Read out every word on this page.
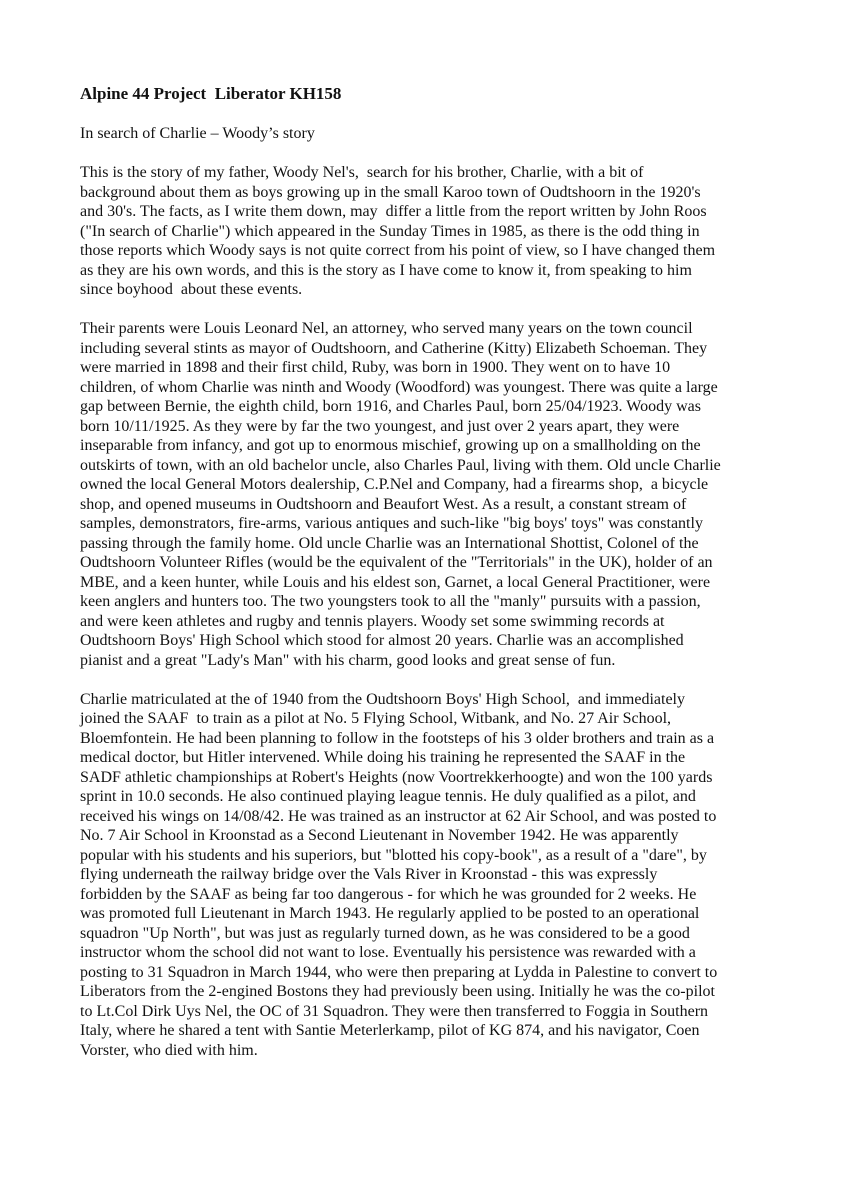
Alpine 44 Project  Liberator KH158

In search of Charlie – Woody’s story

This is the story of my father, Woody Nel's,  search for his brother, Charlie, with a bit of
background about them as boys growing up in the small Karoo town of Oudtshoorn in the 1920's
and 30's. The facts, as I write them down, may  differ a little from the report written by John Roos
("In search of Charlie") which appeared in the Sunday Times in 1985, as there is the odd thing in
those reports which Woody says is not quite correct from his point of view, so I have changed them
as they are his own words, and this is the story as I have come to know it, from speaking to him
since boyhood  about these events.
Their parents were Louis Leonard Nel, an attorney, who served many years on the town council
including several stints as mayor of Oudtshoorn, and Catherine (Kitty) Elizabeth Schoeman. They
were married in 1898 and their first child, Ruby, was born in 1900. They went on to have 10
children, of whom Charlie was ninth and Woody (Woodford) was youngest. There was quite a large
gap between Bernie, the eighth child, born 1916, and Charles Paul, born 25/04/1923. Woody was
born 10/11/1925. As they were by far the two youngest, and just over 2 years apart, they were
inseparable from infancy, and got up to enormous mischief, growing up on a smallholding on the
outskirts of town, with an old bachelor uncle, also Charles Paul, living with them. Old uncle Charlie
owned the local General Motors dealership, C.P.Nel and Company, had a firearms shop,  a bicycle
shop, and opened museums in Oudtshoorn and Beaufort West. As a result, a constant stream of
samples, demonstrators, fire-arms, various antiques and such-like "big boys' toys" was constantly
passing through the family home. Old uncle Charlie was an International Shottist, Colonel of the
Oudtshoorn Volunteer Rifles (would be the equivalent of the "Territorials" in the UK), holder of an
MBE, and a keen hunter, while Louis and his eldest son, Garnet, a local General Practitioner, were
keen anglers and hunters too. The two youngsters took to all the "manly" pursuits with a passion,
and were keen athletes and rugby and tennis players. Woody set some swimming records at
Oudtshoorn Boys' High School which stood for almost 20 years. Charlie was an accomplished
pianist and a great "Lady's Man" with his charm, good looks and great sense of fun.
Charlie matriculated at the of 1940 from the Oudtshoorn Boys' High School,  and immediately
joined the SAAF  to train as a pilot at No. 5 Flying School, Witbank, and No. 27 Air School,
Bloemfontein. He had been planning to follow in the footsteps of his 3 older brothers and train as a
medical doctor, but Hitler intervened. While doing his training he represented the SAAF in the
SADF athletic championships at Robert's Heights (now Voortrekkerhoogte) and won the 100 yards
sprint in 10.0 seconds. He also continued playing league tennis. He duly qualified as a pilot, and
received his wings on 14/08/42. He was trained as an instructor at 62 Air School, and was posted to
No. 7 Air School in Kroonstad as a Second Lieutenant in November 1942. He was apparently
popular with his students and his superiors, but "blotted his copy-book", as a result of a "dare", by
flying underneath the railway bridge over the Vals River in Kroonstad - this was expressly
forbidden by the SAAF as being far too dangerous - for which he was grounded for 2 weeks. He
was promoted full Lieutenant in March 1943. He regularly applied to be posted to an operational
squadron "Up North", but was just as regularly turned down, as he was considered to be a good
instructor whom the school did not want to lose. Eventually his persistence was rewarded with a
posting to 31 Squadron in March 1944, who were then preparing at Lydda in Palestine to convert to
Liberators from the 2-engined Bostons they had previously been using. Initially he was the co-pilot
to Lt.Col Dirk Uys Nel, the OC of 31 Squadron. They were then transferred to Foggia in Southern
Italy, where he shared a tent with Santie Meterlerkamp, pilot of KG 874, and his navigator, Coen
Vorster, who died with him.
